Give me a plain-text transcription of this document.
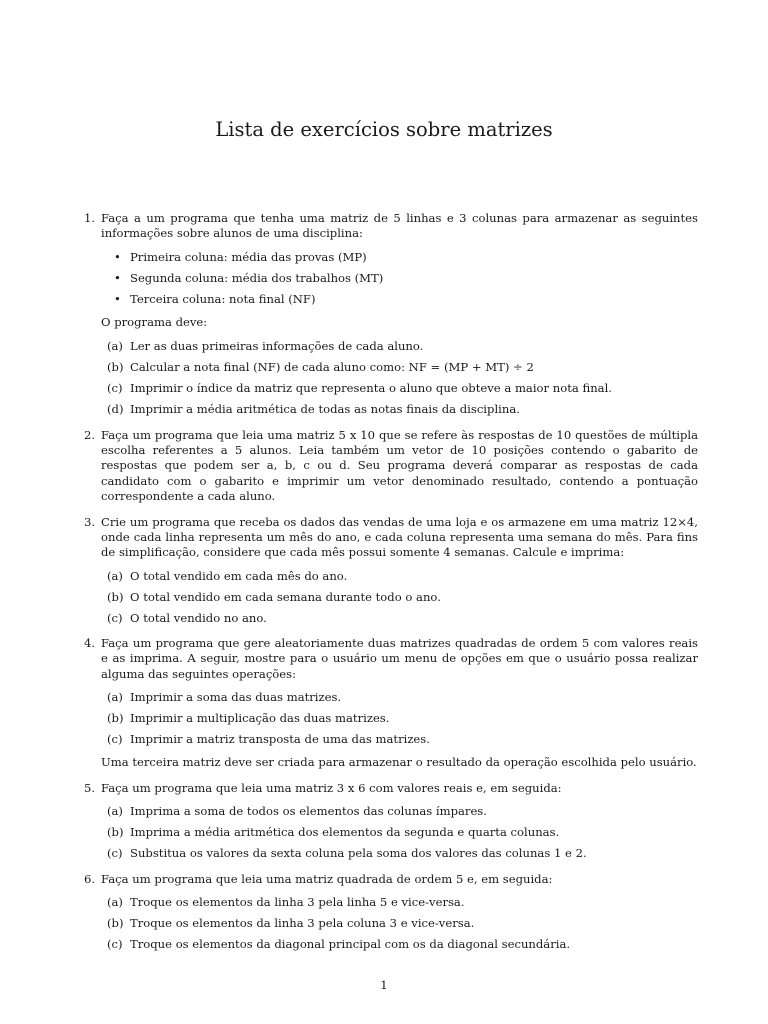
Lista de exercícios sobre matrizes
1. Faça a um programa que tenha uma matriz de 5 linhas e 3 colunas para armazenar as seguintes informações sobre alunos de uma disciplina:
• Primeira coluna: média das provas (MP)
• Segunda coluna: média dos trabalhos (MT)
• Terceira coluna: nota final (NF)
O programa deve:
(a) Ler as duas primeiras informações de cada aluno.
(b) Calcular a nota final (NF) de cada aluno como: NF = (MP + MT) ÷ 2
(c) Imprimir o índice da matriz que representa o aluno que obteve a maior nota final.
(d) Imprimir a média aritmética de todas as notas finais da disciplina.
2. Faça um programa que leia uma matriz 5 x 10 que se refere às respostas de 10 questões de múltipla escolha referentes a 5 alunos. Leia também um vetor de 10 posições contendo o gabarito de respostas que podem ser a, b, c ou d. Seu programa deverá comparar as respostas de cada candidato com o gabarito e imprimir um vetor denominado resultado, contendo a pontuação correspondente a cada aluno.
3. Crie um programa que receba os dados das vendas de uma loja e os armazene em uma matriz 12×4, onde cada linha representa um mês do ano, e cada coluna representa uma semana do mês. Para fins de simplificação, considere que cada mês possui somente 4 semanas. Calcule e imprima:
(a) O total vendido em cada mês do ano.
(b) O total vendido em cada semana durante todo o ano.
(c) O total vendido no ano.
4. Faça um programa que gere aleatoriamente duas matrizes quadradas de ordem 5 com valores reais e as imprima. A seguir, mostre para o usuário um menu de opções em que o usuário possa realizar alguma das seguintes operações:
(a) Imprimir a soma das duas matrizes.
(b) Imprimir a multiplicação das duas matrizes.
(c) Imprimir a matriz transposta de uma das matrizes.
Uma terceira matriz deve ser criada para armazenar o resultado da operação escolhida pelo usuário.
5. Faça um programa que leia uma matriz 3 x 6 com valores reais e, em seguida:
(a) Imprima a soma de todos os elementos das colunas ímpares.
(b) Imprima a média aritmética dos elementos da segunda e quarta colunas.
(c) Substitua os valores da sexta coluna pela soma dos valores das colunas 1 e 2.
6. Faça um programa que leia uma matriz quadrada de ordem 5 e, em seguida:
(a) Troque os elementos da linha 3 pela linha 5 e vice-versa.
(b) Troque os elementos da linha 3 pela coluna 3 e vice-versa.
(c) Troque os elementos da diagonal principal com os da diagonal secundária.
1
